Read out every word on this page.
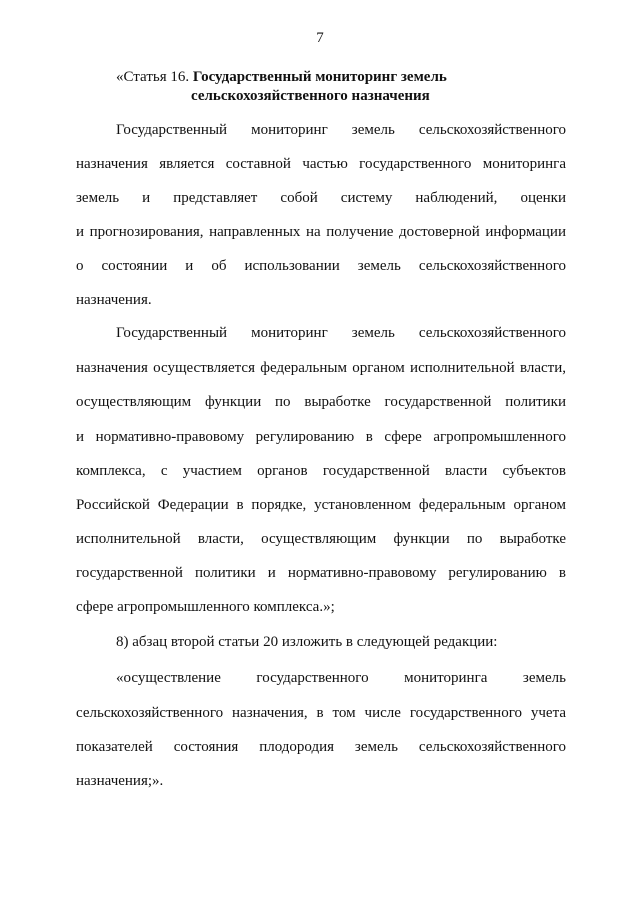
7
«Статья 16. Государственный мониторинг земель
сельскохозяйственного назначения
Государственный мониторинг земель сельскохозяйственного
назначения является составной частью государственного мониторинга
земель и представляет собой систему наблюдений, оценки
и прогнозирования, направленных на получение достоверной информации
о состоянии и об использовании земель сельскохозяйственного
назначения.
Государственный мониторинг земель сельскохозяйственного
назначения осуществляется федеральным органом исполнительной власти,
осуществляющим функции по выработке государственной политики
и нормативно-правовому регулированию в сфере агропромышленного
комплекса, с участием органов государственной власти субъектов
Российской Федерации в порядке, установленном федеральным органом
исполнительной власти, осуществляющим функции по выработке
государственной политики и нормативно-правовому регулированию в
сфере агропромышленного комплекса.»;
8) абзац второй статьи 20 изложить в следующей редакции:
«осуществление государственного мониторинга земель
сельскохозяйственного назначения, в том числе государственного учета
показателей состояния плодородия земель сельскохозяйственного
назначения;».
